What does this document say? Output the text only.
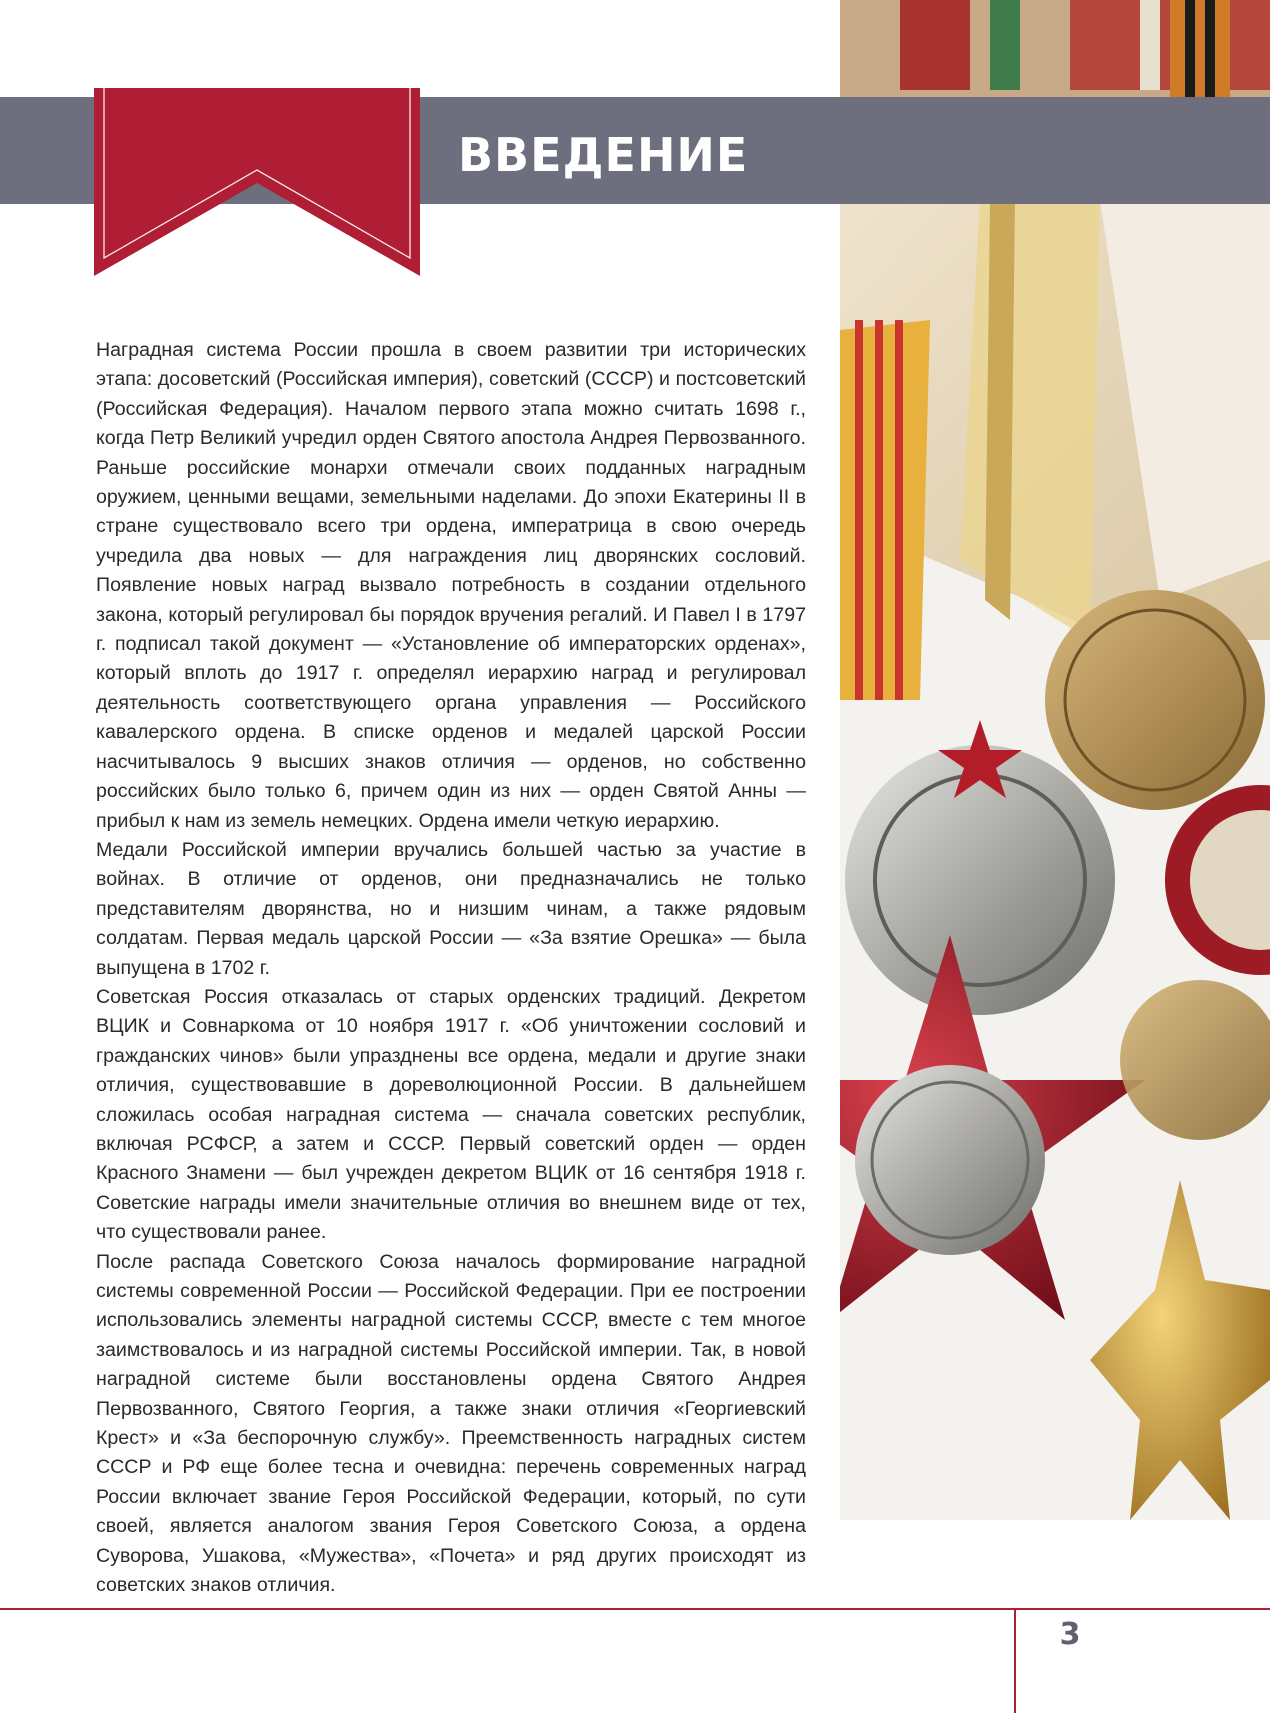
ВВЕДЕНИЕ

Наградная система России прошла в своем развитии три исторических этапа: досоветский (Российская империя), советский (СССР) и постсоветский (Российская Федерация). Началом первого этапа можно считать 1698 г., когда Петр Великий учредил орден Святого апостола Андрея Первозванного. Раньше российские монархи отмечали своих подданных наградным оружием, ценными вещами, земельными наделами. До эпохи Екатерины II в стране существовало всего три ордена, императрица в свою очередь учредила два новых — для награждения лиц дворянских сословий. Появление новых наград вызвало потребность в создании отдельного закона, который регулировал бы порядок вручения регалий. И Павел I в 1797 г. подписал такой документ — «Установление об императорских орденах», который вплоть до 1917 г. определял иерархию наград и регулировал деятельность соответствующего органа управления — Российского кавалерского ордена. В списке орденов и медалей царской России насчитывалось 9 высших знаков отличия — орденов, но собственно российских было только 6, причем один из них — орден Святой Анны — прибыл к нам из земель немецких. Ордена имели четкую иерархию.

Медали Российской империи вручались большей частью за участие в войнах. В отличие от орденов, они предназначались не только представителям дворянства, но и низшим чинам, а также рядовым солдатам. Первая медаль царской России — «За взятие Орешка» — была выпущена в 1702 г.

Советская Россия отказалась от старых орденских традиций. Декретом ВЦИК и Совнаркома от 10 ноября 1917 г. «Об уничтожении сословий и гражданских чинов» были упразднены все ордена, медали и другие знаки отличия, существовавшие в дореволюционной России. В дальнейшем сложилась особая наградная система — сначала советских республик, включая РСФСР, а затем и СССР. Первый советский орден — орден Красного Знамени — был учрежден декретом ВЦИК от 16 сентября 1918 г. Советские награды имели значительные отличия во внешнем виде от тех, что существовали ранее.

После распада Советского Союза началось формирование наградной системы современной России — Российской Федерации. При ее построении использовались элементы наградной системы СССР, вместе с тем многое заимствовалось и из наградной системы Российской империи. Так, в новой наградной системе были восстановлены ордена Святого Андрея Первозванного, Святого Георгия, а также знаки отличия «Георгиевский Крест» и «За беспорочную службу». Преемственность наградных систем СССР и РФ еще более тесна и очевидна: перечень современных наград России включает звание Героя Российской Федерации, который, по сути своей, является аналогом звания Героя Советского Союза, а ордена Суворова, Ушакова, «Мужества», «Почета» и ряд других происходят из советских знаков отличия.

3
